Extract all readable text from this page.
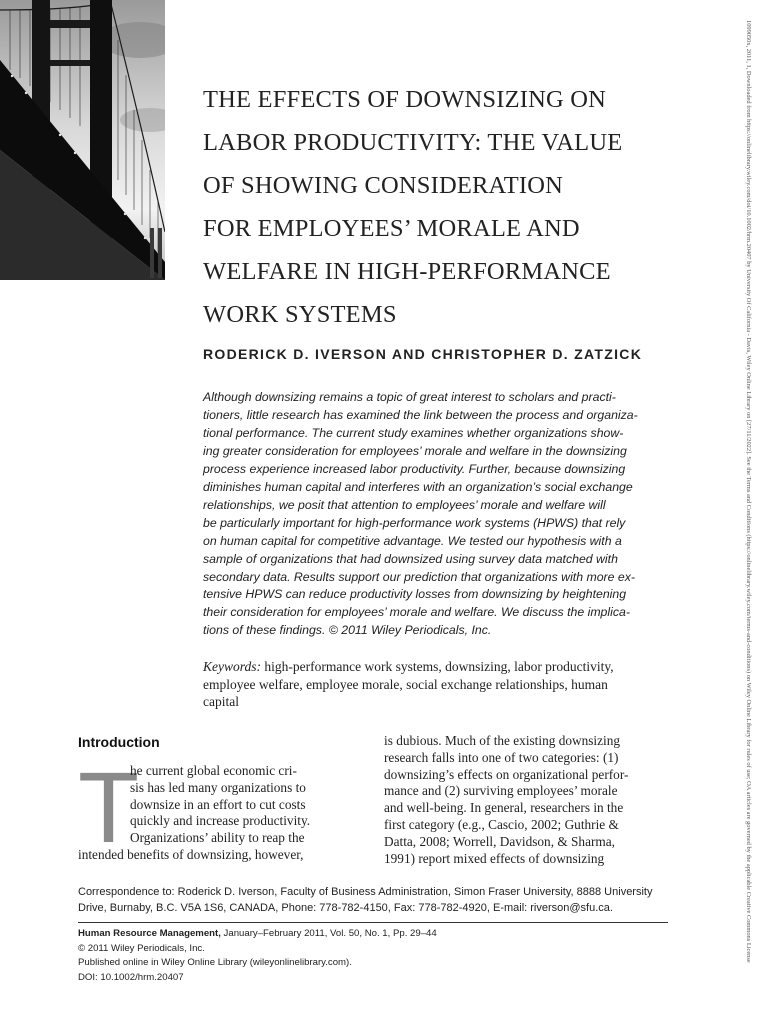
THE EFFECTS OF DOWNSIZING ON
LABOR PRODUCTIVITY: THE VALUE
OF SHOWING CONSIDERATION
FOR EMPLOYEES’ MORALE AND
WELFARE IN HIGH-PERFORMANCE
WORK SYSTEMS

RODERICK D. IVERSON AND CHRISTOPHER D. ZATZICK

Although downsizing remains a topic of great interest to scholars and practi-
tioners, little research has examined the link between the process and organiza-
tional performance. The current study examines whether organizations show-
ing greater consideration for employees’ morale and welfare in the downsizing
process experience increased labor productivity. Further, because downsizing
diminishes human capital and interferes with an organization’s social exchange
relationships, we posit that attention to employees’ morale and welfare will
be particularly important for high-performance work systems (HPWS) that rely
on human capital for competitive advantage. We tested our hypothesis with a
sample of organizations that had downsized using survey data matched with
secondary data. Results support our prediction that organizations with more ex-
tensive HPWS can reduce productivity losses from downsizing by heightening
their consideration for employees’ morale and welfare. We discuss the implica-
tions of these findings. © 2011 Wiley Periodicals, Inc.
Keywords: high-performance work systems, downsizing, labor productivity,
employee welfare, employee morale, social exchange relationships, human
capital
Introduction
T
he current global economic cri-
sis has led many organizations to
downsize in an effort to cut costs
quickly and increase productivity.
Organizations’ ability to reap the
intended benefits of downsizing, however,
is dubious. Much of the existing downsizing
research falls into one of two categories: (1)
downsizing’s effects on organizational perfor-
mance and (2) surviving employees’ morale
and well-being. In general, researchers in the
first category (e.g., Cascio, 2002; Guthrie &
Datta, 2008; Worrell, Davidson, & Sharma,
1991) report mixed effects of downsizing
Correspondence to: Roderick D. Iverson, Faculty of Business Administration, Simon Fraser University, 8888 University
Drive, Burnaby, B.C. V5A 1S6, CANADA, Phone: 778-782-4150, Fax: 778-782-4920, E-mail: riverson@sfu.ca.
Human Resource Management, January–February 2011, Vol. 50, No. 1, Pp. 29–44
© 2011 Wiley Periodicals, Inc.
Published online in Wiley Online Library (wileyonlinelibrary.com).
DOI: 10.1002/hrm.20407
1099050x, 2011, 1, Downloaded from https://onlinelibrary.wiley.com/doi/10.1002/hrm.20407 by University Of California - Davis, Wiley Online Library on [27/11/2022]. See the Terms and Conditions (https://onlinelibrary.wiley.com/terms-and-conditions) on Wiley Online Library for rules of use; OA articles are governed by the applicable Creative Commons License
